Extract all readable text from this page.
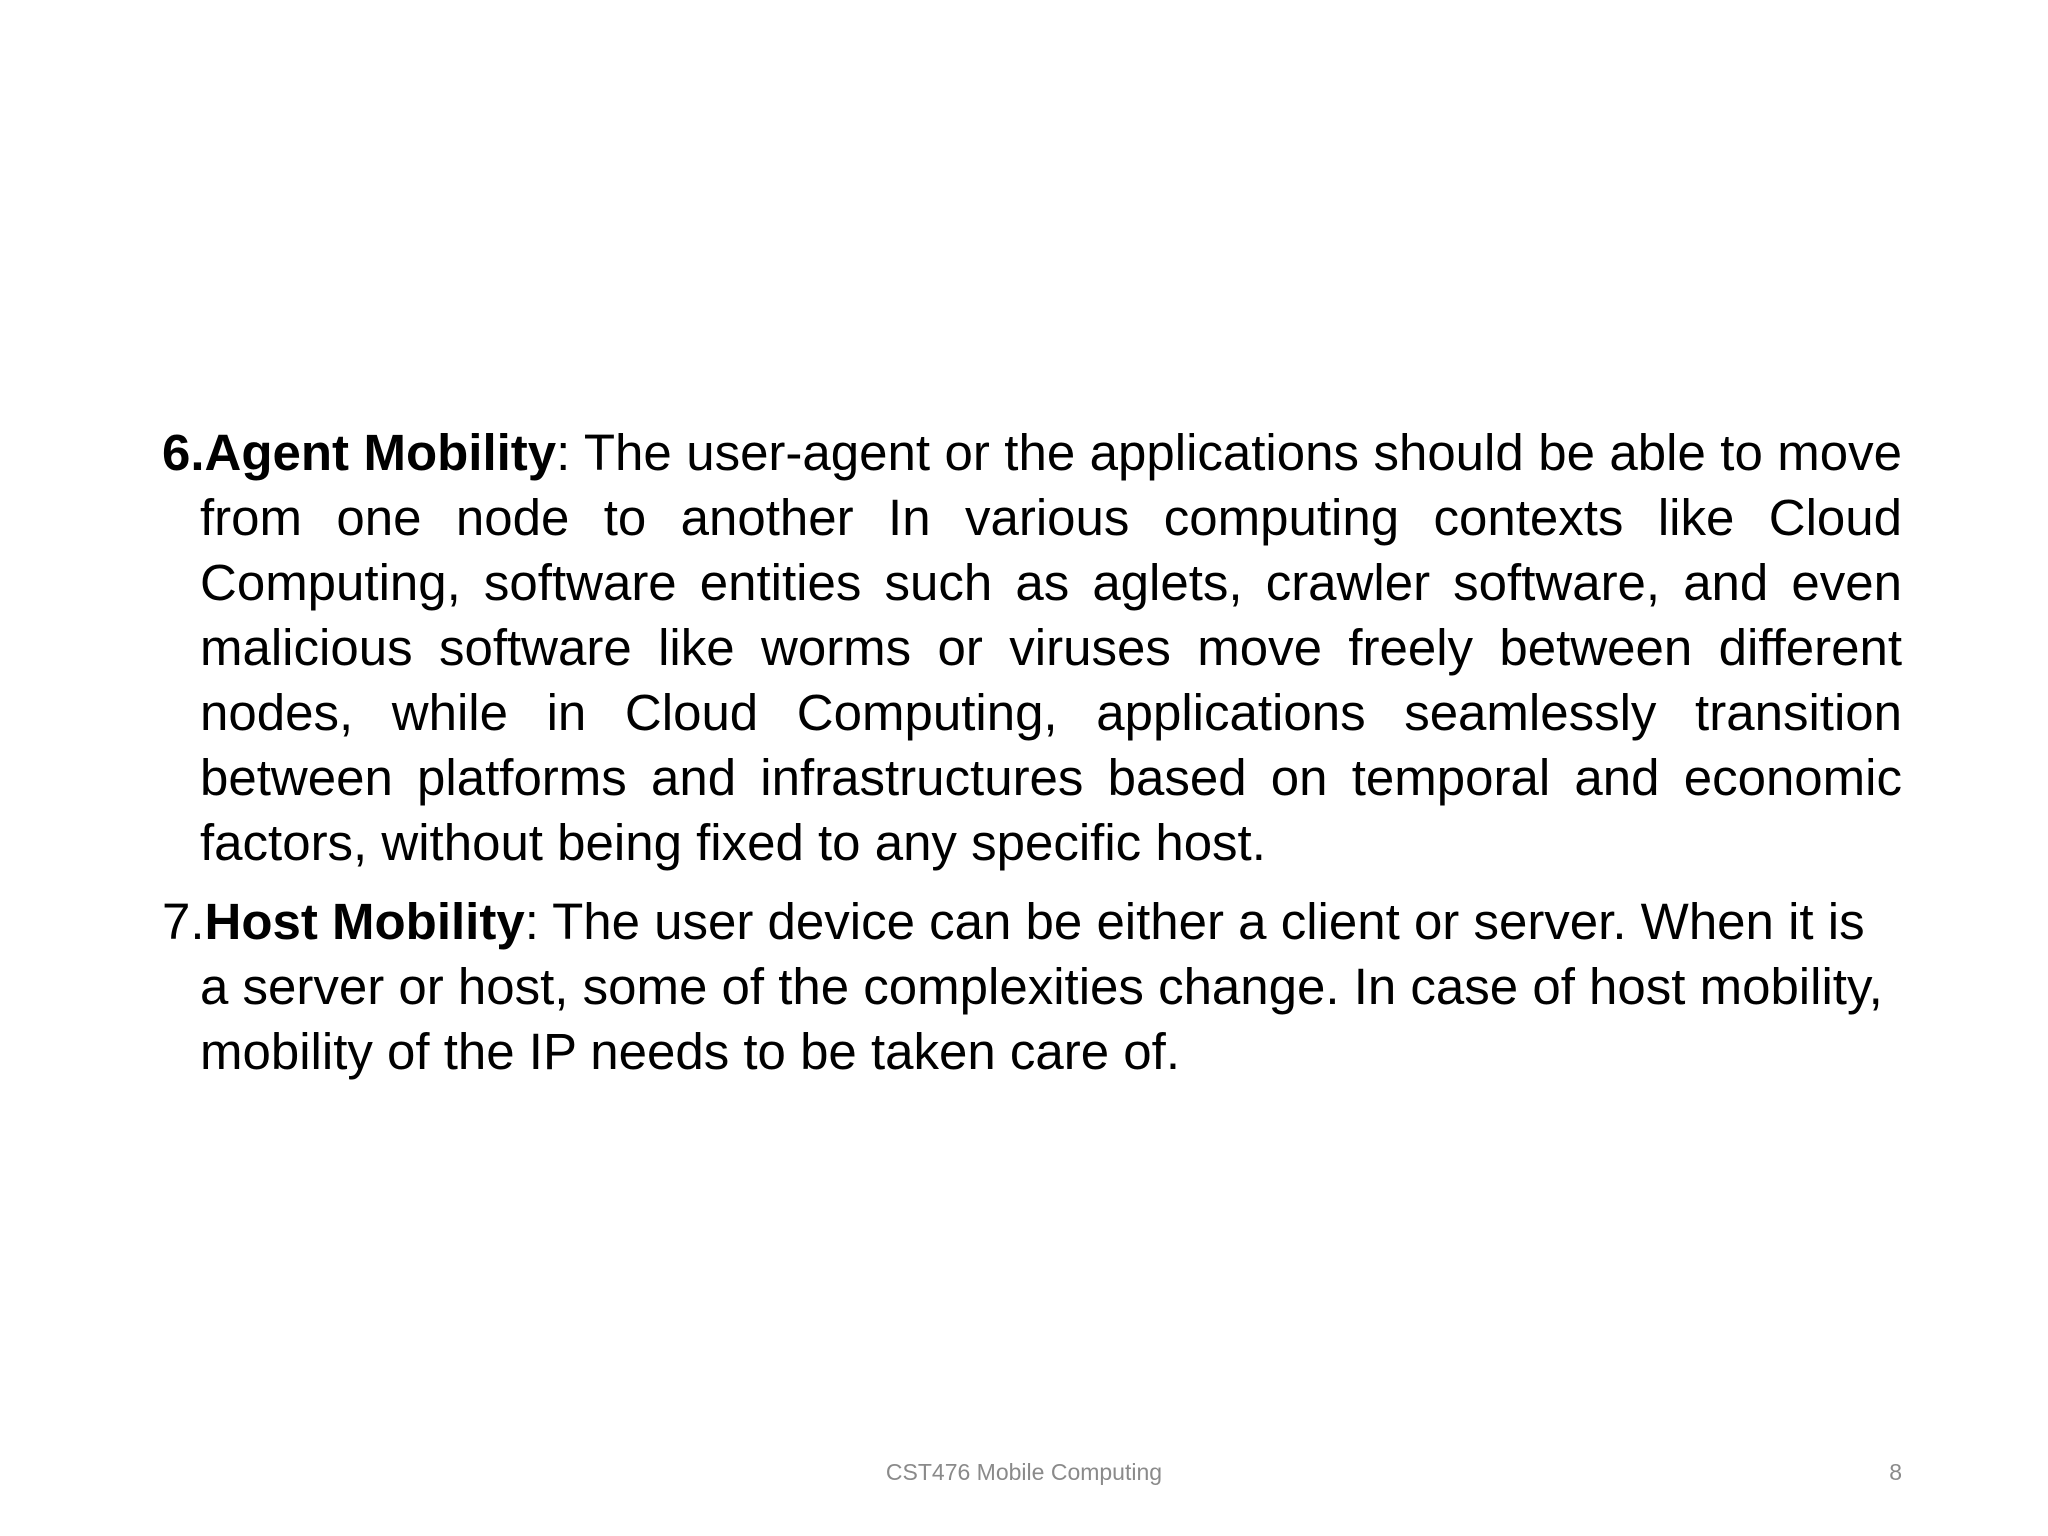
6.Agent Mobility: The user-agent or the applications should be able to move from one node to another In various computing contexts like Cloud Computing, software entities such as aglets, crawler software, and even malicious software like worms or viruses move freely between different nodes, while in Cloud Computing, applications seamlessly transition between platforms and infrastructures based on temporal and economic factors, without being fixed to any specific host.

7.Host Mobility: The user device can be either a client or server. When it is a server or host, some of the complexities change. In case of host mobility, mobility of the IP needs to be taken care of.

CST476 Mobile Computing	8
